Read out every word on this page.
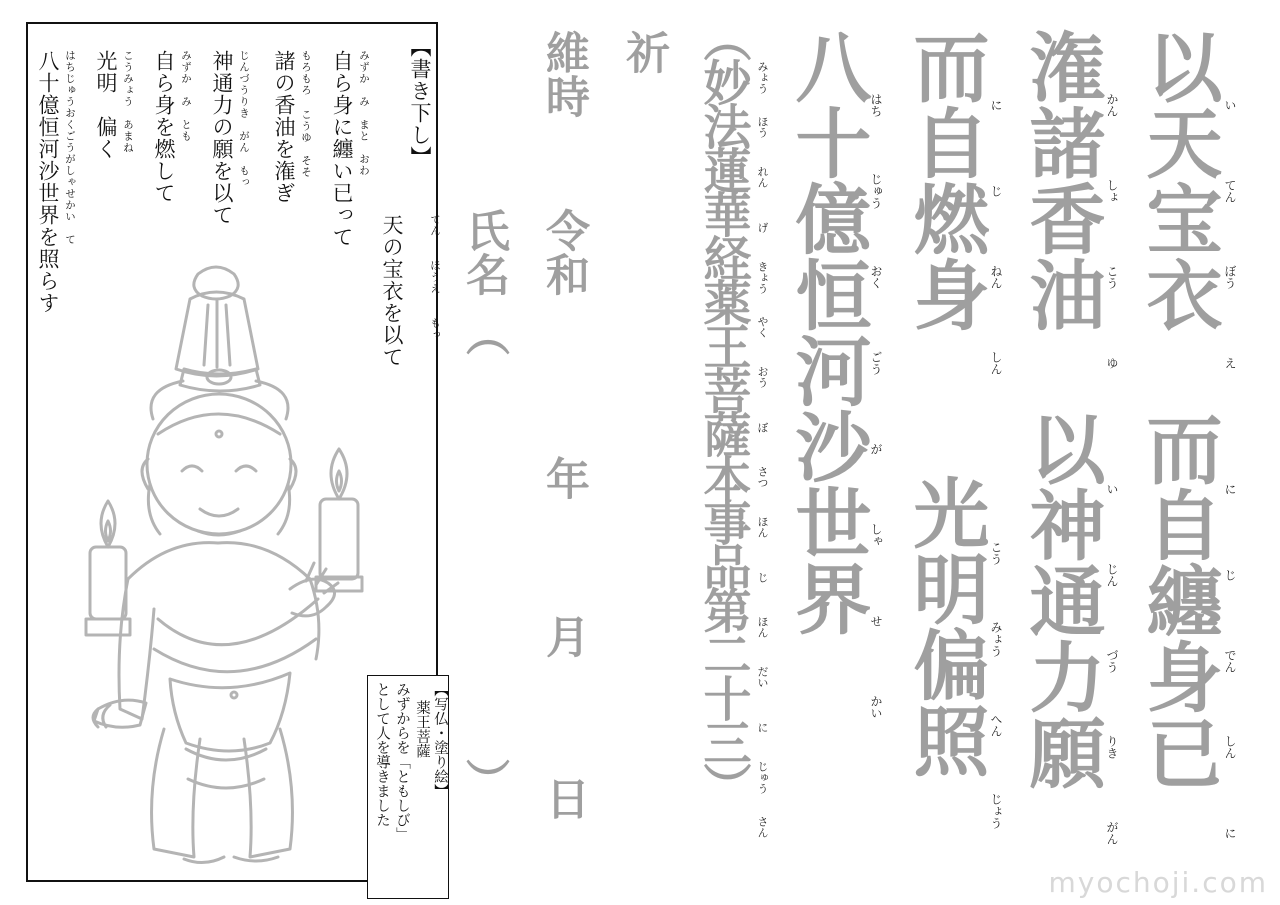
【書き下し】
天の宝衣を以て てん　　ほうえ　　もっ
自ら身に纏い已って みずか　み　まと　おわ
諸の香油を潅ぎ もろもろ こうゆ　そそ
神通力の願を以て じんづうりき　がん　もっ
自ら身を燃して みずか　み　とも
光明　偏く こうみょう　あまね
八十億恒河沙世界を照らす はちじゅうおくごうがしゃせかい　て
【写仏・塗り絵】
薬王菩薩
みずからを「ともしび」
として人を導きました
以天宝衣
而自纏身已
い
てん
ぼう
え
に
じ
でん
しん
に
潅諸香油
以神通力願
かん
しょ
こう
ゆ
い
じん
づう
りき
がん
而自燃身
光明偏照
に
じ
ねん
しん
こう
みょう
へん
じょう
八十億恒河沙世界
はち
じゅう
おく
ごう
が
しゃ
せ
かい
（妙法蓮華経薬王菩薩本事品第二十三） みょう
ほう
れん
げ
きょう
やく
おう
ぼ
さつ
ほん
じ
ほん
だい
に
じゅう
さん
祈
維時
令和
年
月
日
氏名
（
）
myochoji.com
